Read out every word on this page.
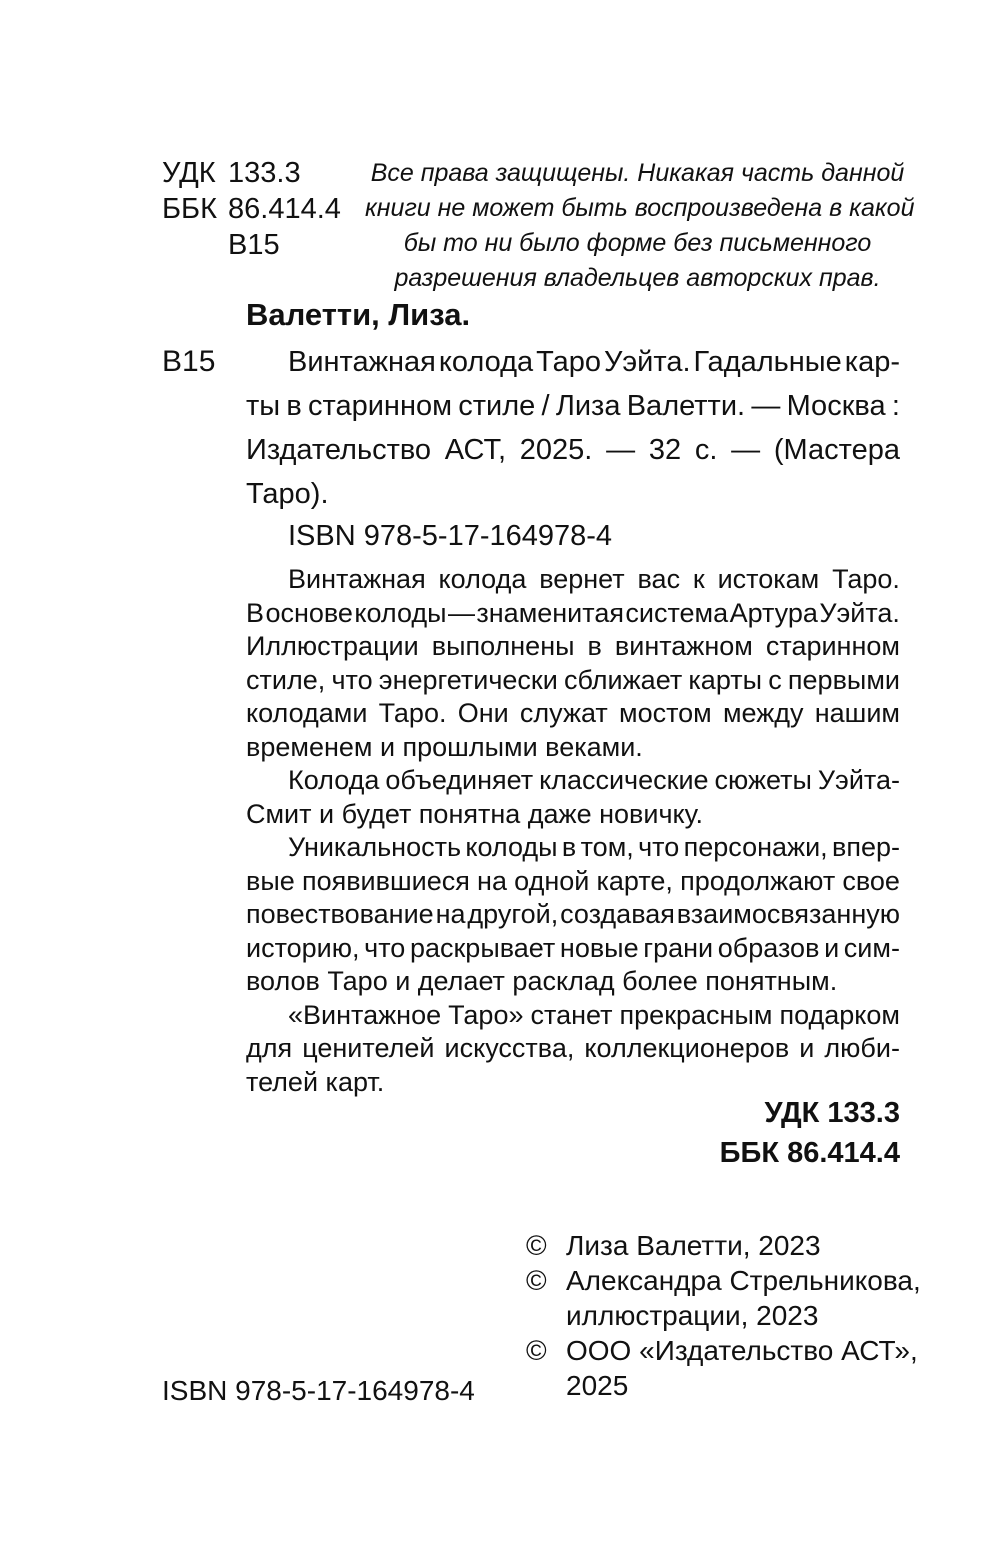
УДК 133.3
ББК 86.414.4
В15
Все права защищены. Никакая часть данной
книги не может быть воспроизведена в какой
бы то ни было форме без письменного
разрешения владельцев авторских прав.
Валетти, Лиза.
В15	Винтажная колода Таро Уэйта. Гадальные кар-
ты в старинном стиле / Лиза Валетти. — Москва :
Издательство АСТ, 2025. — 32 с. — (Мастера
Таро).
ISBN 978-5-17-164978-4
Винтажная колода вернет вас к истокам Таро.
В основе колоды — знаменитая система Артура Уэйта.
Иллюстрации выполнены в винтажном старинном
стиле, что энергетически сближает карты с первыми
колодами Таро. Они служат мостом между нашим
временем и прошлыми веками.
Колода объединяет классические сюжеты Уэйта-
Смит и будет понятна даже новичку.
Уникальность колоды в том, что персонажи, впер-
вые появившиеся на одной карте, продолжают свое
повествование на другой, создавая взаимосвязанную
историю, что раскрывает новые грани образов и сим-
волов Таро и делает расклад более понятным.
«Винтажное Таро» станет прекрасным подарком
для ценителей искусства, коллекционеров и люби-
телей карт.
УДК 133.3
ББК 86.414.4
© Лиза Валетти, 2023
© Александра Стрельникова,
иллюстрации, 2023
© ООО «Издательство АСТ»,
2025
ISBN 978-5-17-164978-4
